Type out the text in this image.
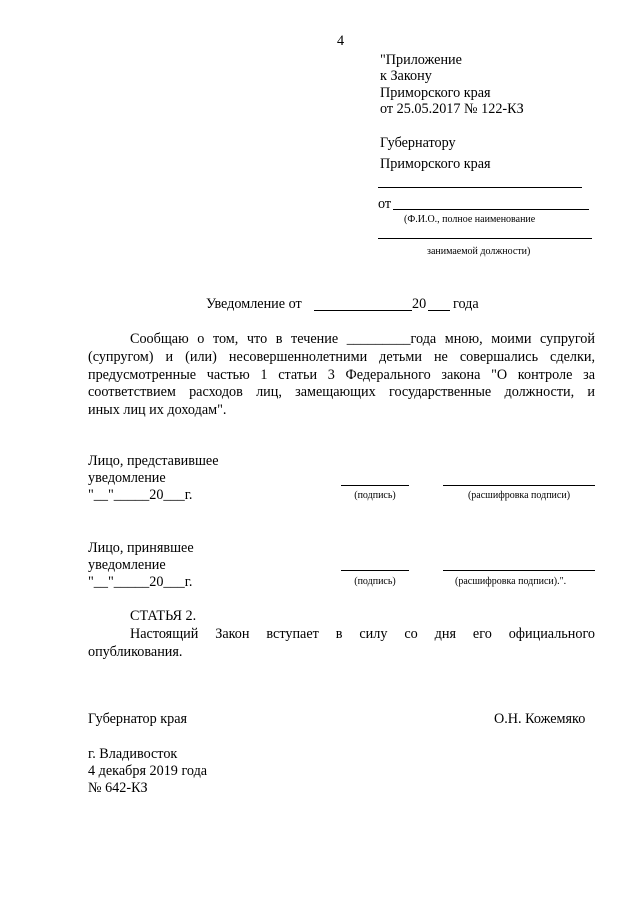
4
"Приложение
к Закону
Приморского края
от 25.05.2017 № 122-КЗ
Губернатору
Приморского края
от
(Ф.И.О., полное наименование
занимаемой должности)
Уведомление от	20 года
Сообщаю о том, что в течение _________года мною, моими супругой
(супругом) и (или) несовершеннолетними детьми не совершались сделки,
предусмотренные частью 1 статьи 3 Федерального закона "О контроле за
соответствием расходов лиц, замещающих государственные должности, и
иных лиц их доходам".
Лицо, представившее
уведомление
"__"_____20___г.	(подпись)	(расшифровка подписи)
Лицо, принявшее
уведомление
"__"_____20___г.	(подпись)	(расшифровка подписи).".
СТАТЬЯ 2.
Настоящий Закон вступает в силу со дня его официального
опубликования.
Губернатор края	О.Н. Кожемяко
г. Владивосток
4 декабря 2019 года
№ 642-КЗ
